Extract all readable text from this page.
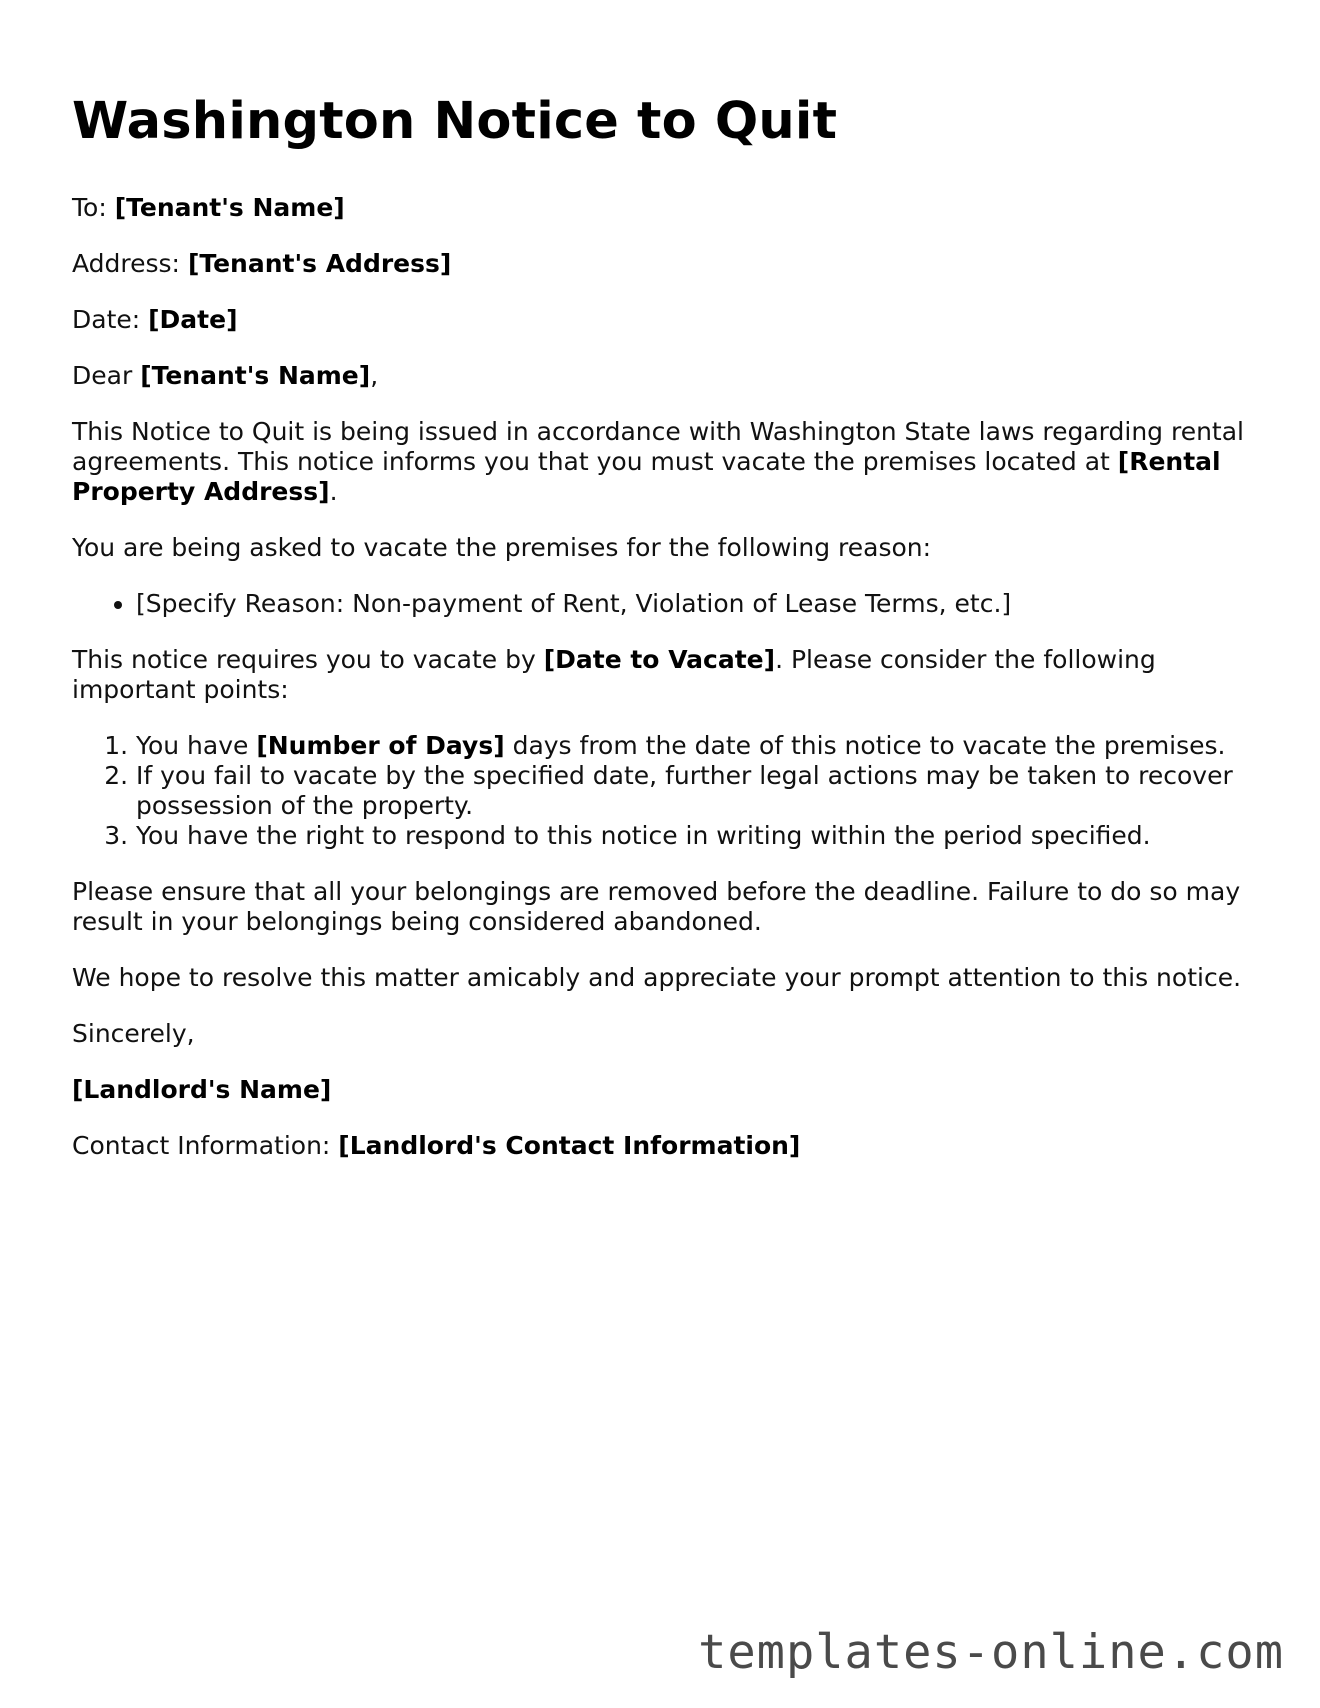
Washington Notice to Quit

To: [Tenant's Name]

Address: [Tenant's Address]

Date: [Date]

Dear [Tenant's Name],

This Notice to Quit is being issued in accordance with Washington State laws regarding rental agreements. This notice informs you that you must vacate the premises located at [Rental Property Address].

You are being asked to vacate the premises for the following reason:

• [Specify Reason: Non-payment of Rent, Violation of Lease Terms, etc.]

This notice requires you to vacate by [Date to Vacate]. Please consider the following important points:

1. You have [Number of Days] days from the date of this notice to vacate the premises.
2. If you fail to vacate by the specified date, further legal actions may be taken to recover possession of the property.
3. You have the right to respond to this notice in writing within the period specified.

Please ensure that all your belongings are removed before the deadline. Failure to do so may result in your belongings being considered abandoned.

We hope to resolve this matter amicably and appreciate your prompt attention to this notice.

Sincerely,

[Landlord's Name]

Contact Information: [Landlord's Contact Information]

templates-online.com
